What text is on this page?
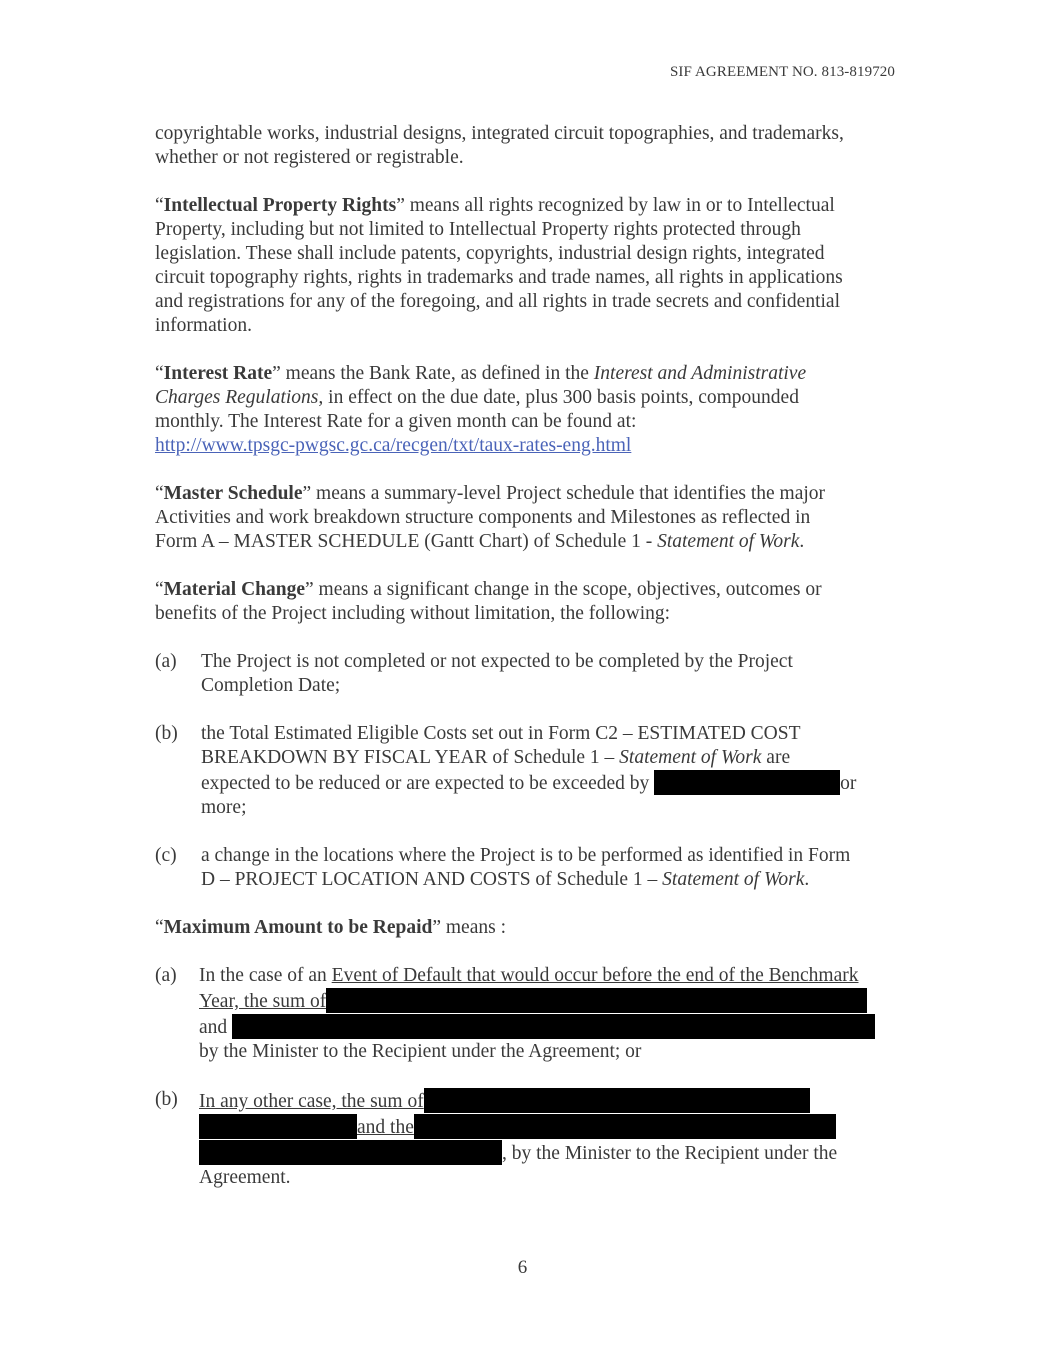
SIF AGREEMENT NO. 813-819720
copyrightable works, industrial designs, integrated circuit topographies, and trademarks,
whether or not registered or registrable.
“Intellectual Property Rights” means all rights recognized by law in or to Intellectual
Property, including but not limited to Intellectual Property rights protected through
legislation. These shall include patents, copyrights, industrial design rights, integrated
circuit topography rights, rights in trademarks and trade names, all rights in applications
and registrations for any of the foregoing, and all rights in trade secrets and confidential
information.
“Interest Rate” means the Bank Rate, as defined in the Interest and Administrative
Charges Regulations, in effect on the due date, plus 300 basis points, compounded
monthly. The Interest Rate for a given month can be found at:
http://www.tpsgc-pwgsc.gc.ca/recgen/txt/taux-rates-eng.html
“Master Schedule” means a summary-level Project schedule that identifies the major
Activities and work breakdown structure components and Milestones as reflected in
Form A – MASTER SCHEDULE (Gantt Chart) of Schedule 1 - Statement of Work.
“Material Change” means a significant change in the scope, objectives, outcomes or
benefits of the Project including without limitation, the following:
(a) The Project is not completed or not expected to be completed by the Project
Completion Date;
(b) the Total Estimated Eligible Costs set out in Form C2 – ESTIMATED COST
BREAKDOWN BY FISCAL YEAR of Schedule 1 – Statement of Work are
expected to be reduced or are expected to be exceeded by	or
more;
(c) a change in the locations where the Project is to be performed as identified in Form
D – PROJECT LOCATION AND COSTS of Schedule 1 – Statement of Work.
“Maximum Amount to be Repaid” means :
(a) In the case of an Event of Default that would occur before the end of the Benchmark
Year, the sum of
and
by the Minister to the Recipient under the Agreement; or
(b) In any other case, the sum of
and the
, by the Minister to the Recipient under the
Agreement.
6
